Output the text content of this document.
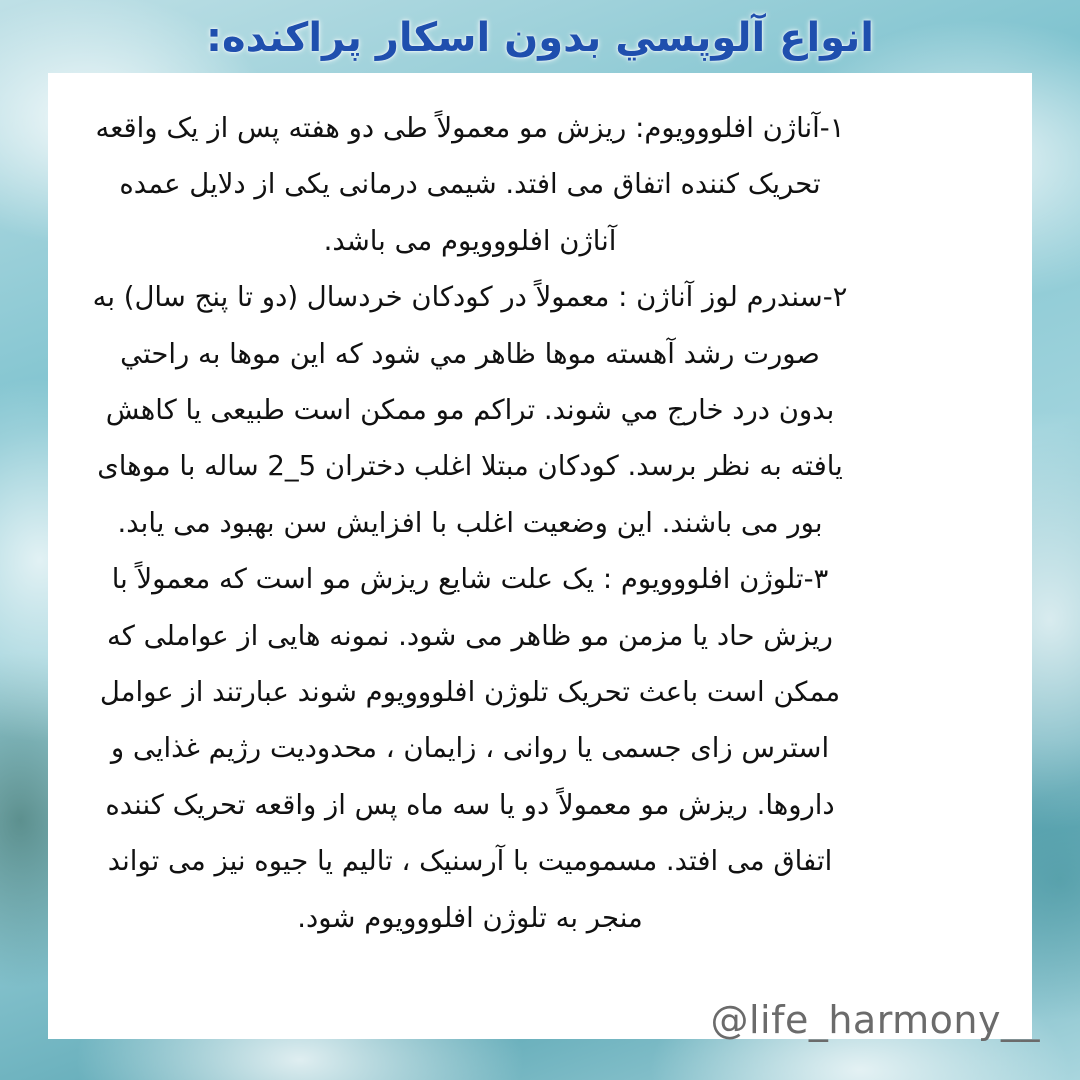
انواع آلوپسي بدون اسكار پراكنده:

۱-آناژن افلووویوم: ریزش مو معمولاً طی دو هفته پس از یک واقعه تحریک کننده اتفاق می افتد. شیمی درمانی یکی از دلایل عمده آناژن افلووویوم می باشد.

۲-سندرم لوز آناژن : معمولاً در کودکان خردسال (دو تا پنج سال) به صورت رشد آهسته موها ظاهر مي شود که این موها به راحتي بدون درد خارج مي شوند. تراکم مو ممکن است طبیعی یا کاهش یافته به نظر برسد. کودکان مبتلا اغلب دختران 5_2 ساله با موهای بور می باشند. این وضعیت اغلب با افزایش سن بهبود می یابد.

۳-تلوژن افلووویوم : یک علت شایع ریزش مو است که معمولاً با ریزش حاد یا مزمن مو ظاهر می شود. نمونه هایی از عواملی که ممکن است باعث تحریک تلوژن افلووویوم شوند عبارتند از عوامل استرس زای جسمی یا روانی ، زایمان ، محدودیت رژیم غذایی و داروها. ریزش مو معمولاً دو یا سه ماه پس از واقعه تحریک کننده اتفاق می افتد. مسمومیت با آرسنیک ، تالیم یا جیوه نیز می تواند منجر به تلوژن افلووویوم شود.

@life_harmony__
